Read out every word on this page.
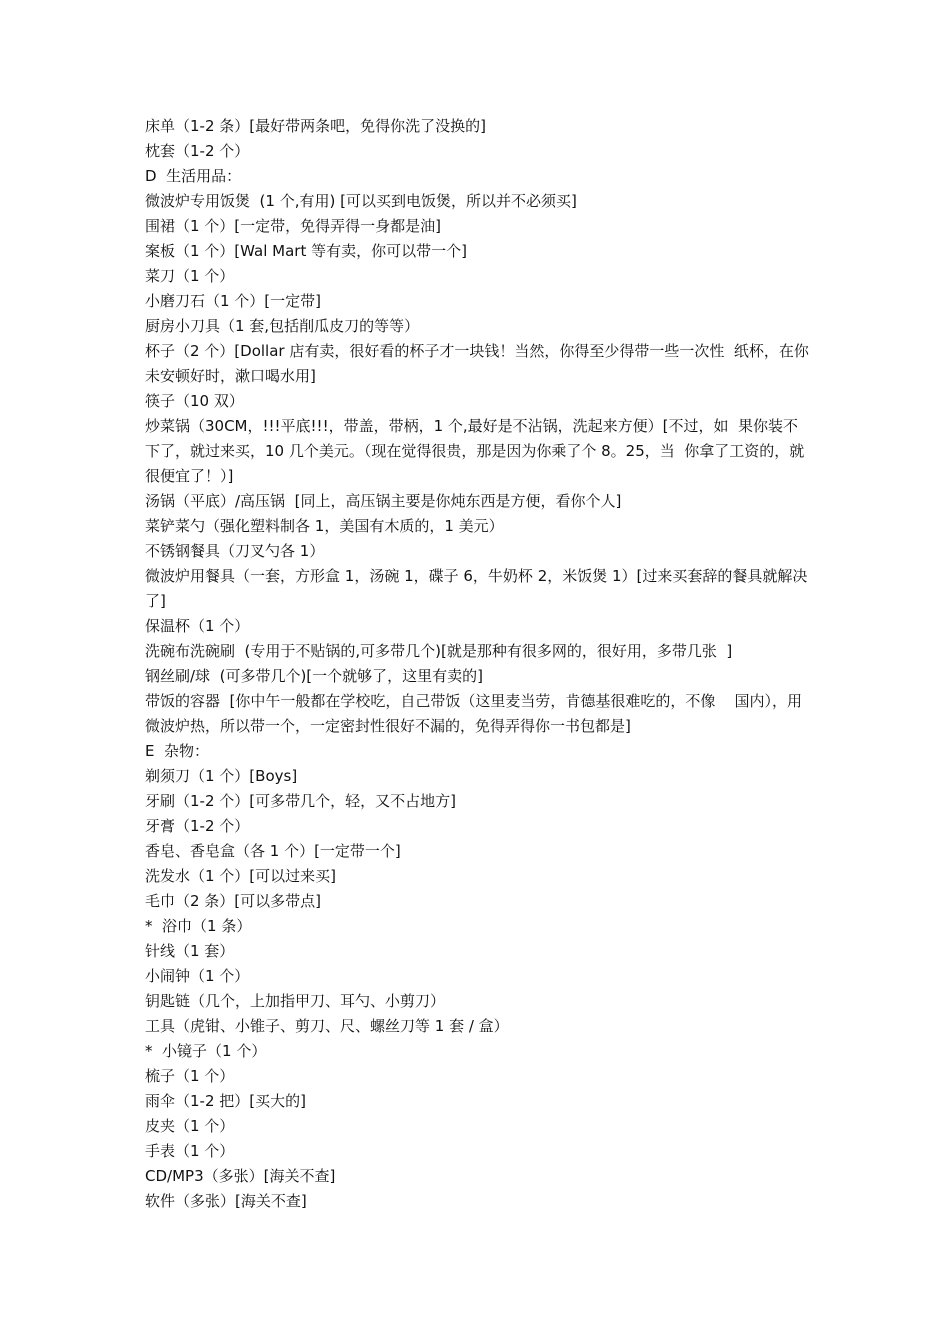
床单（1-2 条）[最好带两条吧，免得你洗了没换的]

枕套（1-2 个）

D  生活用品：

微波炉专用饭煲  (1 个,有用) [可以买到电饭煲，所以并不必须买]

围裙（1 个）[一定带，免得弄得一身都是油]

案板（1 个）[Wal Mart 等有卖，你可以带一个]

菜刀（1 个）

小磨刀石（1 个）[一定带]

厨房小刀具（1 套,包括削瓜皮刀的等等）

杯子（2 个）[Dollar 店有卖，很好看的杯子才一块钱！当然，你得至少得带一些一次性  纸杯，在你未安顿好时，漱口喝水用]

筷子（10 双）

炒菜锅（30CM，!!!平底!!!，带盖，带柄，1 个,最好是不沾锅，洗起来方便）[不过，如  果你装不下了，就过来买，10 几个美元。（现在觉得很贵，那是因为你乘了个 8。25，当  你拿了工资的，就很便宜了！）]

汤锅（平底）/高压锅  [同上，高压锅主要是你炖东西是方便，看你个人]

菜铲菜勺（强化塑料制各 1，美国有木质的，1 美元）

不锈钢餐具（刀叉勺各 1）

微波炉用餐具（一套，方形盒 1，汤碗 1，碟子 6，牛奶杯 2，米饭煲 1）[过来买套辞的餐具就解决了]

保温杯（1 个）

洗碗布洗碗刷  (专用于不贴锅的,可多带几个)[就是那种有很多网的，很好用，多带几张  ]

钢丝刷/球  (可多带几个)[一个就够了，这里有卖的]

带饭的容器  [你中午一般都在学校吃，自己带饭（这里麦当劳，肯德基很难吃的，不像    国内），用微波炉热，所以带一个，一定密封性很好不漏的，免得弄得你一书包都是]

E  杂物：

剃须刀（1 个）[Boys]

牙刷（1-2 个）[可多带几个，轻，又不占地方]

牙膏（1-2 个）

香皂、香皂盒（各 1 个）[一定带一个]

洗发水（1 个）[可以过来买]

毛巾（2 条）[可以多带点]

*  浴巾（1 条）

针线（1 套）

小闹钟（1 个）

钥匙链（几个，上加指甲刀、耳勺、小剪刀）

工具（虎钳、小锥子、剪刀、尺、螺丝刀等 1 套 / 盒）

*  小镜子（1 个）

梳子（1 个）

雨伞（1-2 把）[买大的]

皮夹（1 个）

手表（1 个）

CD/MP3（多张）[海关不查]

软件（多张）[海关不查]
